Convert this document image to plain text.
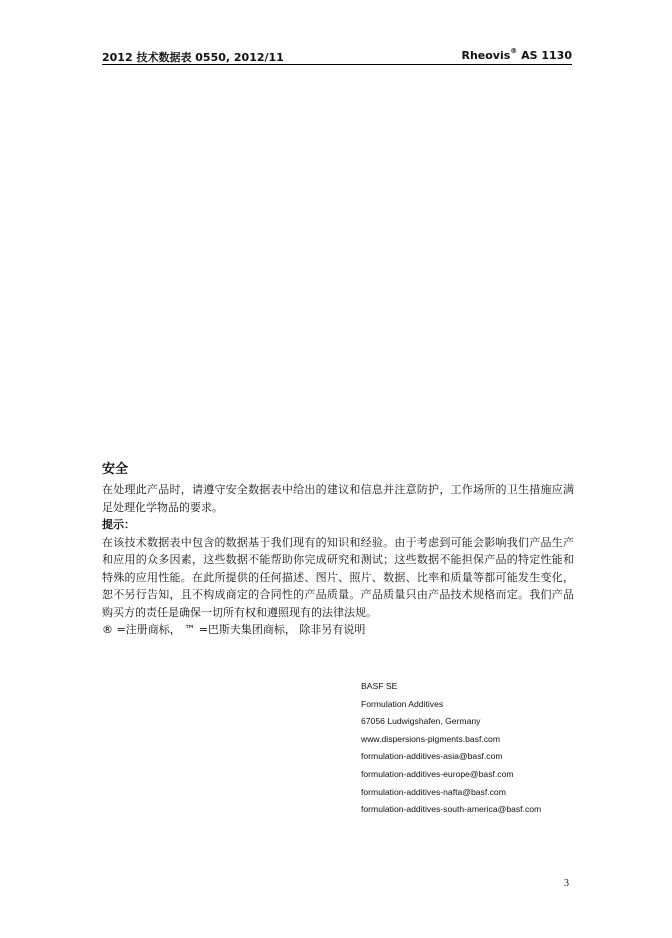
2012 技术数据表 0550, 2012/11	Rheovis® AS 1130

安全

在处理此产品时，请遵守安全数据表中给出的建议和信息并注意防护，工作场所的卫生措施应满足处理化学物品的要求。

提示：

在该技术数据表中包含的数据基于我们现有的知识和经验。由于考虑到可能会影响我们产品生产和应用的众多因素，这些数据不能帮助你完成研究和测试；这些数据不能担保产品的特定性能和特殊的应用性能。在此所提供的任何描述、图片、照片、数据、比率和质量等都可能发生变化，恕不另行告知，且不构成商定的合同性的产品质量。产品质量只由产品技术规格而定。我们产品购买方的责任是确保一切所有权和遵照现有的法律法规。

® =注册商标， ™ =巴斯夫集团商标， 除非另有说明

BASF SE
Formulation Additives
67056 Ludwigshafen, Germany
www.dispersions-pigments.basf.com
formulation-additives-asia@basf.com
formulation-additives-europe@basf.com
formulation-additives-nafta@basf.com
formulation-additives-south-america@basf.com
3
